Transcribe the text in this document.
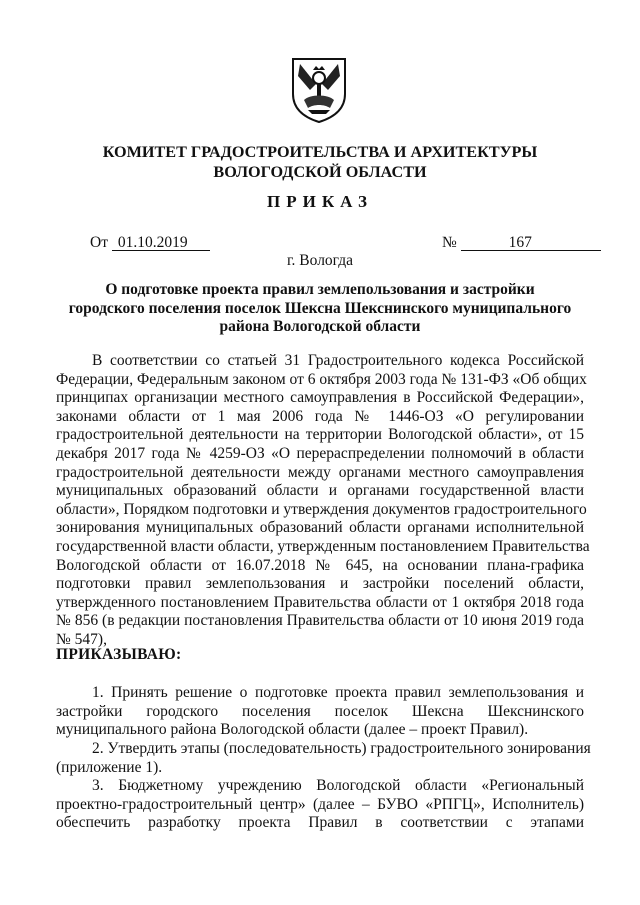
КОМИТЕТ ГРАДОСТРОИТЕЛЬСТВА И АРХИТЕКТУРЫ
ВОЛОГОДСКОЙ ОБЛАСТИ
ПРИКАЗ
От 01.10.2019	№	167
г. Вологда
О подготовке проекта правил землепользования и застройки
городского поселения поселок Шексна Шекснинского муниципального
района Вологодской области
В соответствии со статьей 31 Градостроительного кодекса Российской
Федерации, Федеральным законом от 6 октября 2003 года № 131-ФЗ «Об общих
принципах организации местного самоуправления в Российской Федерации»,
законами области от 1 мая 2006 года № 1446-ОЗ «О регулировании
градостроительной деятельности на территории Вологодской области», от 15
декабря 2017 года № 4259-ОЗ «О перераспределении полномочий в области
градостроительной деятельности между органами местного самоуправления
муниципальных образований области и органами государственной власти
области», Порядком подготовки и утверждения документов градостроительного
зонирования муниципальных образований области органами исполнительной
государственной власти области, утвержденным постановлением Правительства
Вологодской области от 16.07.2018 № 645, на основании плана-графика
подготовки правил землепользования и застройки поселений области,
утвержденного постановлением Правительства области от 1 октября 2018 года
№ 856 (в редакции постановления Правительства области от 10 июня 2019 года
№ 547),
ПРИКАЗЫВАЮ:
1. Принять решение о подготовке проекта правил землепользования и
застройки городского поселения поселок Шексна Шекснинского
муниципального района Вологодской области (далее – проект Правил).
2. Утвердить этапы (последовательность) градостроительного зонирования
(приложение 1).
3. Бюджетному учреждению Вологодской области «Региональный
проектно-градостроительный центр» (далее – БУВО «РПГЦ», Исполнитель)
обеспечить разработку проекта Правил в соответствии с этапами
